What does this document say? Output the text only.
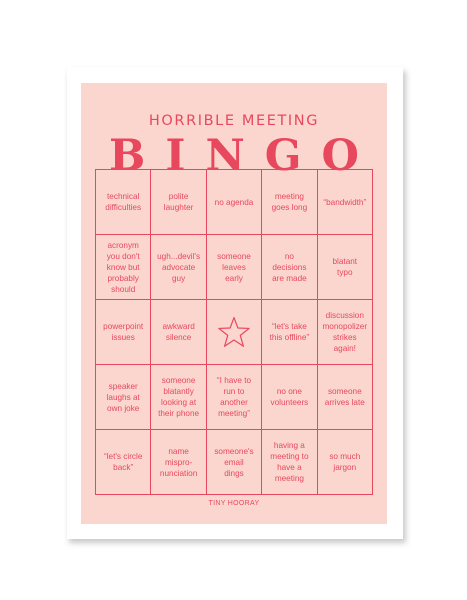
HORRIBLE MEETING
BINGO
technical
difficulties
polite
laughter
no agenda
meeting
goes long
“bandwidth”
acronym
you don't
know but
probably
should
ugh...devil's
advocate
guy
someone
leaves
early
no
decisions
are made
blatant
typo
powerpoint
issues
awkward
silence
“let's take
this offline”
discussion
monopolizer
strikes
again!
speaker
laughs at
own joke
someone
blatantly
looking at
their phone
“I have to
run to
another
meeting”
no one
volunteers
someone
arrives late
“let's circle
back”
name
mispro-
nunciation
someone's
email
dings
having a
meeting to
have a
meeting
so much
jargon
TINY HOORAY
